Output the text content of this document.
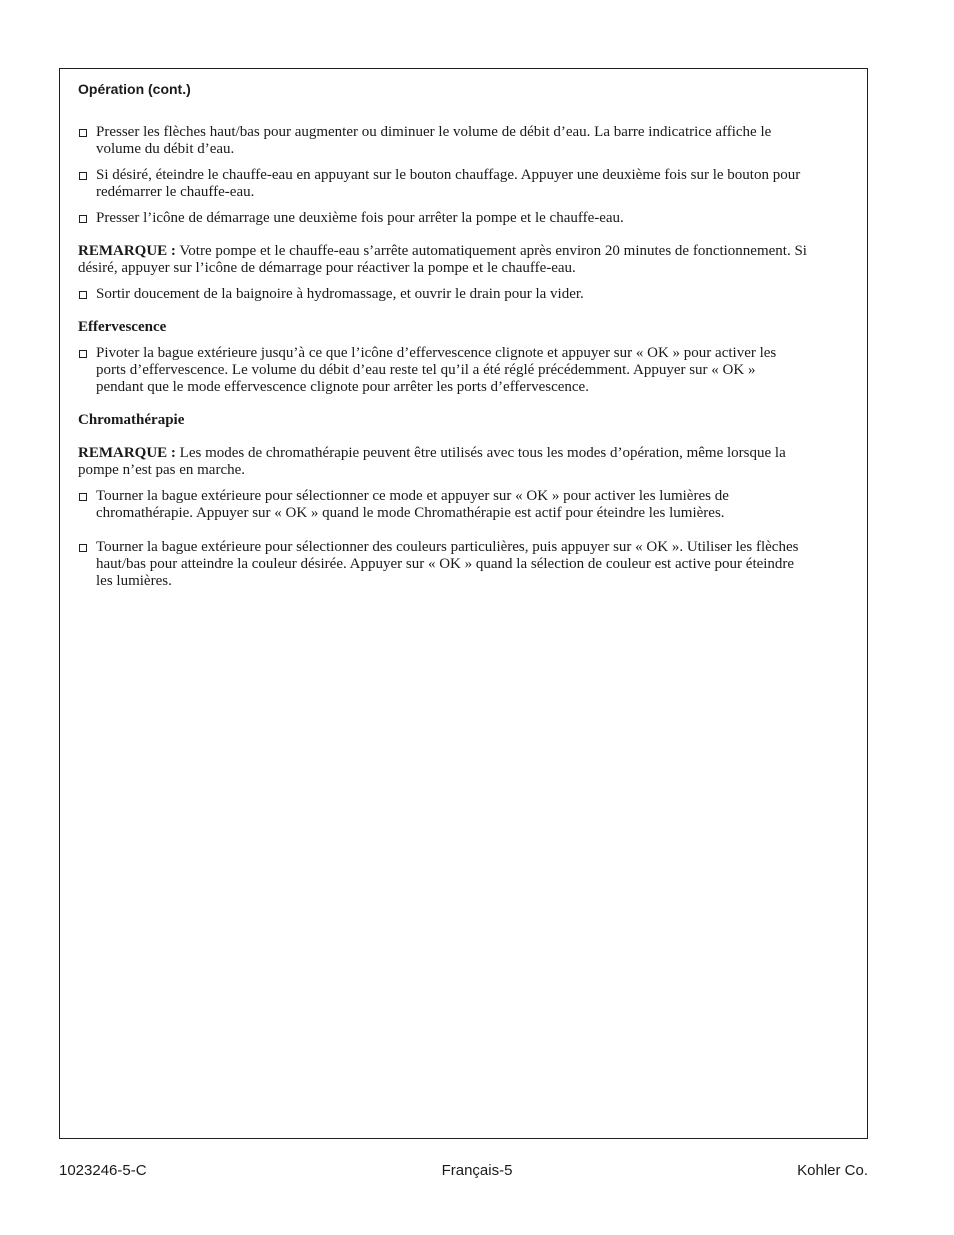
Opération (cont.)
Presser les flèches haut/bas pour augmenter ou diminuer le volume de débit d’eau. La barre indicatrice affiche le volume du débit d’eau.
Si désiré, éteindre le chauffe-eau en appuyant sur le bouton chauffage. Appuyer une deuxième fois sur le bouton pour redémarrer le chauffe-eau.
Presser l’icône de démarrage une deuxième fois pour arrêter la pompe et le chauffe-eau.
REMARQUE : Votre pompe et le chauffe-eau s’arrête automatiquement après environ 20 minutes de fonctionnement. Si désiré, appuyer sur l’icône de démarrage pour réactiver la pompe et le chauffe-eau.
Sortir doucement de la baignoire à hydromassage, et ouvrir le drain pour la vider.
Effervescence
Pivoter la bague extérieure jusqu’à ce que l’icône d’effervescence clignote et appuyer sur « OK » pour activer les ports d’effervescence. Le volume du débit d’eau reste tel qu’il a été réglé précédemment. Appuyer sur « OK » pendant que le mode effervescence clignote pour arrêter les ports d’effervescence.
Chromathérapie
REMARQUE : Les modes de chromathérapie peuvent être utilisés avec tous les modes d’opération, même lorsque la pompe n’est pas en marche.
Tourner la bague extérieure pour sélectionner ce mode et appuyer sur « OK » pour activer les lumières de chromathérapie. Appuyer sur « OK » quand le mode Chromathérapie est actif pour éteindre les lumières.
Tourner la bague extérieure pour sélectionner des couleurs particulières, puis appuyer sur « OK ». Utiliser les flèches haut/bas pour atteindre la couleur désirée. Appuyer sur « OK » quand la sélection de couleur est active pour éteindre les lumières.
1023246-5-C	Français-5	Kohler Co.
